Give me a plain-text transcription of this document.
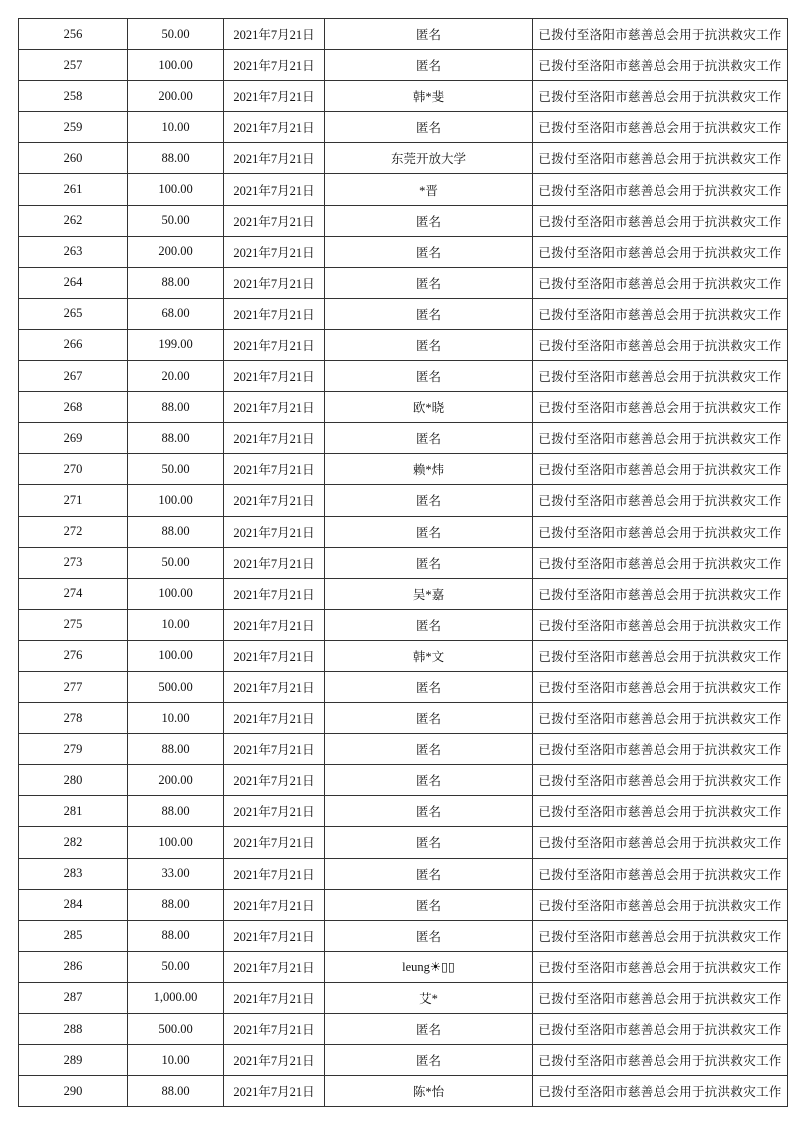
256	50.00	2021年7月21日	匿名	已拨付至洛阳市慈善总会用于抗洪救灾工作
257	100.00	2021年7月21日	匿名	已拨付至洛阳市慈善总会用于抗洪救灾工作
258	200.00	2021年7月21日	韩*斐	已拨付至洛阳市慈善总会用于抗洪救灾工作
259	10.00	2021年7月21日	匿名	已拨付至洛阳市慈善总会用于抗洪救灾工作
260	88.00	2021年7月21日	东莞开放大学	已拨付至洛阳市慈善总会用于抗洪救灾工作
261	100.00	2021年7月21日	*晋	已拨付至洛阳市慈善总会用于抗洪救灾工作
262	50.00	2021年7月21日	匿名	已拨付至洛阳市慈善总会用于抗洪救灾工作
263	200.00	2021年7月21日	匿名	已拨付至洛阳市慈善总会用于抗洪救灾工作
264	88.00	2021年7月21日	匿名	已拨付至洛阳市慈善总会用于抗洪救灾工作
265	68.00	2021年7月21日	匿名	已拨付至洛阳市慈善总会用于抗洪救灾工作
266	199.00	2021年7月21日	匿名	已拨付至洛阳市慈善总会用于抗洪救灾工作
267	20.00	2021年7月21日	匿名	已拨付至洛阳市慈善总会用于抗洪救灾工作
268	88.00	2021年7月21日	欧*晓	已拨付至洛阳市慈善总会用于抗洪救灾工作
269	88.00	2021年7月21日	匿名	已拨付至洛阳市慈善总会用于抗洪救灾工作
270	50.00	2021年7月21日	赖*炜	已拨付至洛阳市慈善总会用于抗洪救灾工作
271	100.00	2021年7月21日	匿名	已拨付至洛阳市慈善总会用于抗洪救灾工作
272	88.00	2021年7月21日	匿名	已拨付至洛阳市慈善总会用于抗洪救灾工作
273	50.00	2021年7月21日	匿名	已拨付至洛阳市慈善总会用于抗洪救灾工作
274	100.00	2021年7月21日	吴*嘉	已拨付至洛阳市慈善总会用于抗洪救灾工作
275	10.00	2021年7月21日	匿名	已拨付至洛阳市慈善总会用于抗洪救灾工作
276	100.00	2021年7月21日	韩*文	已拨付至洛阳市慈善总会用于抗洪救灾工作
277	500.00	2021年7月21日	匿名	已拨付至洛阳市慈善总会用于抗洪救灾工作
278	10.00	2021年7月21日	匿名	已拨付至洛阳市慈善总会用于抗洪救灾工作
279	88.00	2021年7月21日	匿名	已拨付至洛阳市慈善总会用于抗洪救灾工作
280	200.00	2021年7月21日	匿名	已拨付至洛阳市慈善总会用于抗洪救灾工作
281	88.00	2021年7月21日	匿名	已拨付至洛阳市慈善总会用于抗洪救灾工作
282	100.00	2021年7月21日	匿名	已拨付至洛阳市慈善总会用于抗洪救灾工作
283	33.00	2021年7月21日	匿名	已拨付至洛阳市慈善总会用于抗洪救灾工作
284	88.00	2021年7月21日	匿名	已拨付至洛阳市慈善总会用于抗洪救灾工作
285	88.00	2021年7月21日	匿名	已拨付至洛阳市慈善总会用于抗洪救灾工作
286	50.00	2021年7月21日	leung☀▯▯	已拨付至洛阳市慈善总会用于抗洪救灾工作
287	1,000.00	2021年7月21日	艾*	已拨付至洛阳市慈善总会用于抗洪救灾工作
288	500.00	2021年7月21日	匿名	已拨付至洛阳市慈善总会用于抗洪救灾工作
289	10.00	2021年7月21日	匿名	已拨付至洛阳市慈善总会用于抗洪救灾工作
290	88.00	2021年7月21日	陈*怡	已拨付至洛阳市慈善总会用于抗洪救灾工作
